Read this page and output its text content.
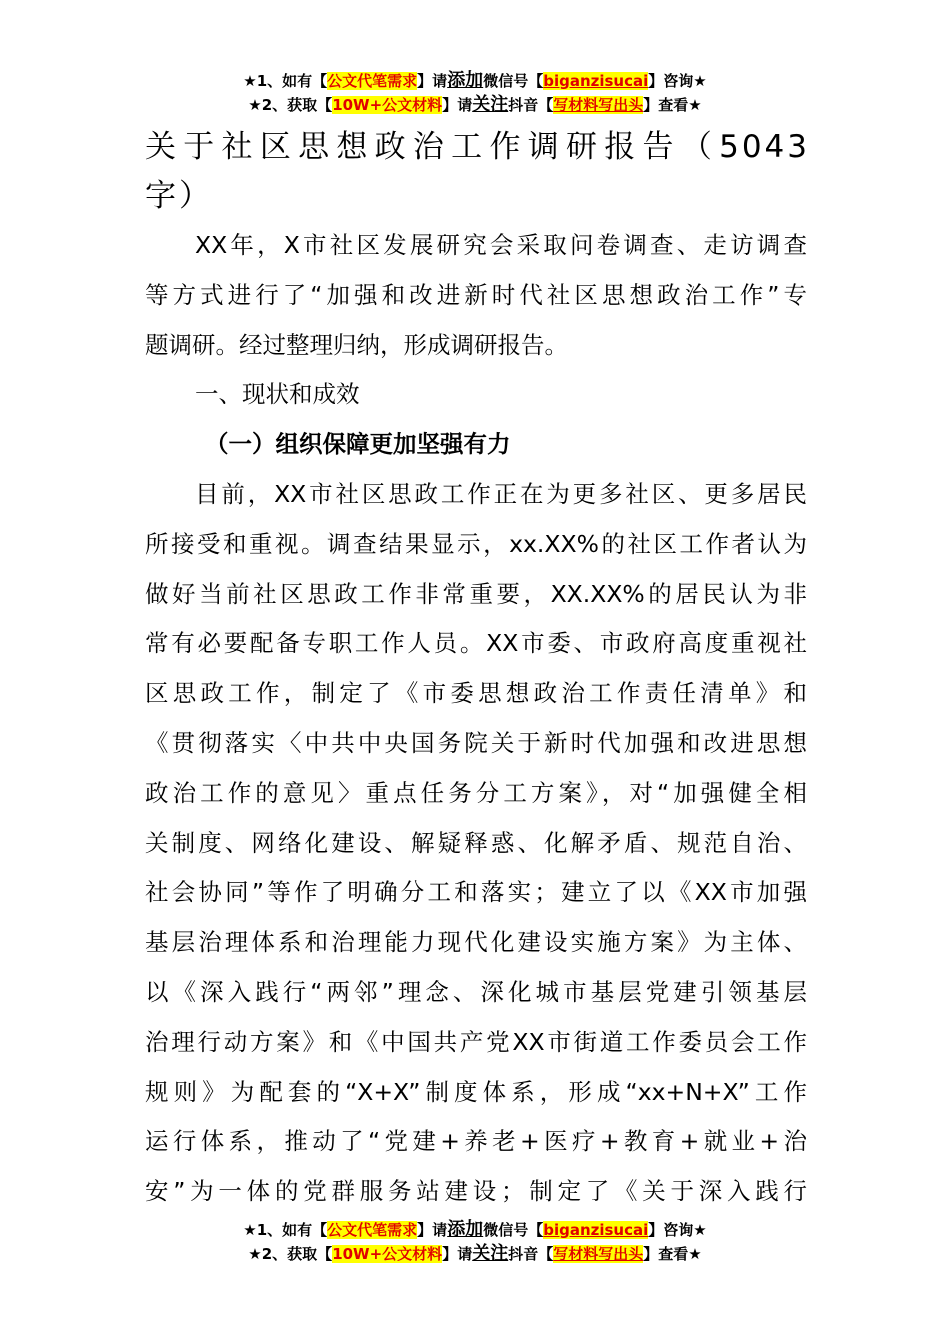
★1、如有【公文代笔需求】请添加微信号【biganzisucai】咨询★
★2、获取【10W+公文材料】请关注抖音【写材料写出头】查看★
关于社区思想政治工作调研报告（5043
字）
XX年，X市社区发展研究会采取问卷调查、走访调查
等方式进行了“加强和改进新时代社区思想政治工作”专
题调研。经过整理归纳，形成调研报告。
一、现状和成效
（一）组织保障更加坚强有力
目前，XX市社区思政工作正在为更多社区、更多居民
所接受和重视。调查结果显示，xx.XX%的社区工作者认为
做好当前社区思政工作非常重要，XX.XX%的居民认为非
常有必要配备专职工作人员。XX市委、市政府高度重视社
区思政工作，制定了《市委思想政治工作责任清单》和
《贯彻落实〈中共中央国务院关于新时代加强和改进思想
政治工作的意见〉重点任务分工方案》，对“加强健全相
关制度、网络化建设、解疑释惑、化解矛盾、规范自治、
社会协同”等作了明确分工和落实；建立了以《XX市加强
基层治理体系和治理能力现代化建设实施方案》为主体、
以《深入践行“两邻”理念、深化城市基层党建引领基层
治理行动方案》和《中国共产党XX市街道工作委员会工作
规则》为配套的“X+X”制度体系，形成“xx+N+X”工作
运行体系，推动了“党建+养老+医疗+教育+就业+治
安”为一体的党群服务站建设；制定了《关于深入践行
★1、如有【公文代笔需求】请添加微信号【biganzisucai】咨询★
★2、获取【10W+公文材料】请关注抖音【写材料写出头】查看★
